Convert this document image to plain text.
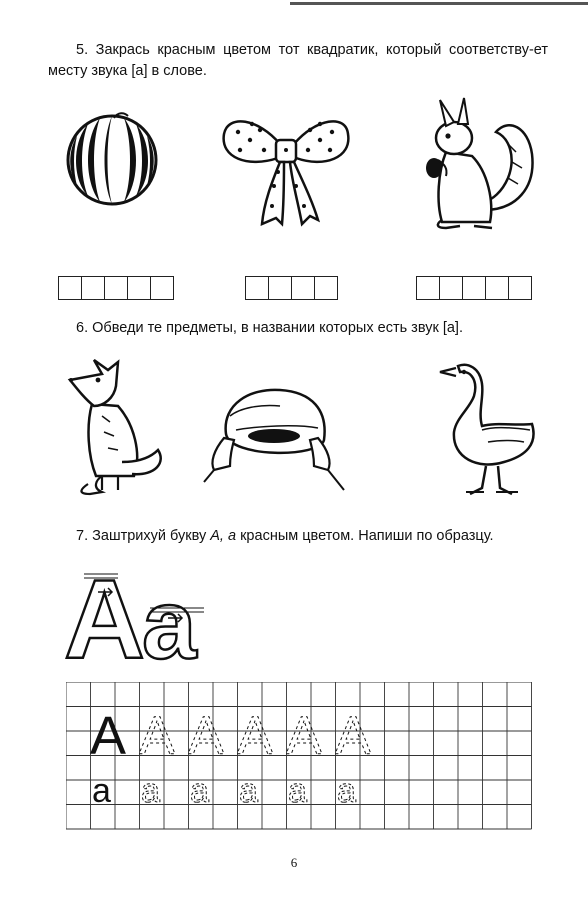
5. Закрась красным цветом тот квадратик, который соответству-ет месту звука [а] в слове.
6. Обведи те предметы, в названии которых есть звук [а].
7. Заштрихуй букву А, а красным цветом. Напиши по образцу.
A
a
A
a
A
a
A
a
A
a
A
a
A
a
6
